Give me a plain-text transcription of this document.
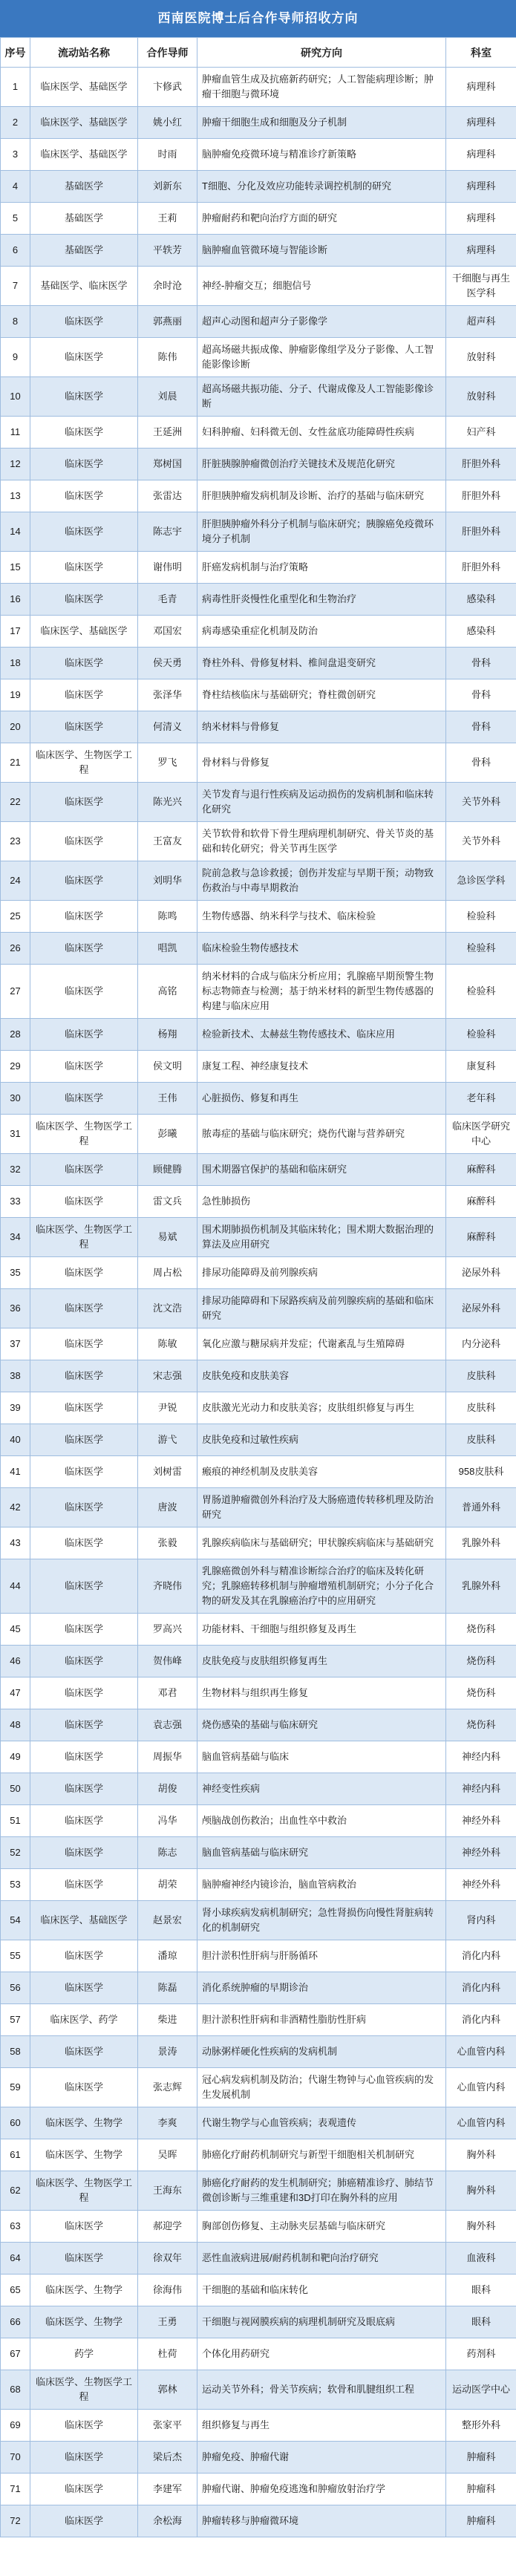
西南医院博士后合作导师招收方向
序号	流动站名称	合作导师	研究方向	科室

1	临床医学、基础医学	卞修武	肿瘤血管生成及抗癌新药研究；人工智能病理诊断；肿瘤干细胞与微环境	病理科

2	临床医学、基础医学	姚小红	肿瘤干细胞生成和细胞及分子机制	病理科

3	临床医学、基础医学	时雨	脑肿瘤免疫微环境与精准诊疗新策略	病理科

4	基础医学	刘新东	T细胞、分化及效应功能转录调控机制的研究	病理科

5	基础医学	王莉	肿瘤耐药和靶向治疗方面的研究	病理科

6	基础医学	平轶芳	脑肿瘤血管微环境与智能诊断	病理科

7	基础医学、临床医学	余时沧	神经-肿瘤交互；细胞信号	干细胞与再生医学科

8	临床医学	郭燕丽	超声心动图和超声分子影像学	超声科

9	临床医学	陈伟	超高场磁共振成像、肿瘤影像组学及分子影像、人工智能影像诊断	放射科

10	临床医学	刘晨	超高场磁共振功能、分子、代谢成像及人工智能影像诊断	放射科

11	临床医学	王延洲	妇科肿瘤、妇科微无创、女性盆底功能障碍性疾病	妇产科

12	临床医学	郑树国	肝脏胰腺肿瘤微创治疗关键技术及规范化研究	肝胆外科

13	临床医学	张雷达	肝胆胰肿瘤发病机制及诊断、治疗的基础与临床研究	肝胆外科

14	临床医学	陈志宇	肝胆胰肿瘤外科分子机制与临床研究；胰腺癌免疫微环境分子机制	肝胆外科

15	临床医学	谢伟明	肝癌发病机制与治疗策略	肝胆外科

16	临床医学	毛青	病毒性肝炎慢性化重型化和生物治疗	感染科

17	临床医学、基础医学	邓国宏	病毒感染重症化机制及防治	感染科

18	临床医学	侯天勇	脊柱外科、骨修复材料、椎间盘退变研究	骨科

19	临床医学	张泽华	脊柱结核临床与基础研究；脊柱微创研究	骨科

20	临床医学	何清义	纳米材料与骨修复	骨科

21	临床医学、生物医学工程	罗飞	骨材料与骨修复	骨科

22	临床医学	陈光兴	关节发育与退行性疾病及运动损伤的发病机制和临床转化研究	关节外科

23	临床医学	王富友	关节软骨和软骨下骨生理病理机制研究、骨关节炎的基础和转化研究；骨关节再生医学	关节外科

24	临床医学	刘明华	院前急救与急诊救援；创伤并发症与早期干预；动物致伤救治与中毒早期救治	急诊医学科

25	临床医学	陈鸣	生物传感器、纳米科学与技术、临床检验	检验科

26	临床医学	唱凯	临床检验生物传感技术	检验科

27	临床医学	高铭	纳米材料的合成与临床分析应用；乳腺癌早期预警生物标志物筛查与检测；基于纳米材料的新型生物传感器的构建与临床应用	检验科

28	临床医学	杨翔	检验新技术、太赫兹生物传感技术、临床应用	检验科

29	临床医学	侯文明	康复工程、神经康复技术	康复科

30	临床医学	王伟	心脏损伤、修复和再生	老年科

31	临床医学、生物医学工程	彭曦	脓毒症的基础与临床研究；烧伤代谢与营养研究	临床医学研究中心

32	临床医学	顾健腾	围术期器官保护的基础和临床研究	麻醉科

33	临床医学	雷文兵	急性肺损伤	麻醉科

34	临床医学、生物医学工程	易斌	围术期肺损伤机制及其临床转化；围术期大数据治理的算法及应用研究	麻醉科

35	临床医学	周占松	排尿功能障碍及前列腺疾病	泌尿外科

36	临床医学	沈文浩	排尿功能障碍和下尿路疾病及前列腺疾病的基础和临床研究	泌尿外科

37	临床医学	陈敏	氧化应激与糖尿病并发症；代谢紊乱与生殖障碍	内分泌科

38	临床医学	宋志强	皮肤免疫和皮肤美容	皮肤科

39	临床医学	尹锐	皮肤激光光动力和皮肤美容；皮肤组织修复与再生	皮肤科

40	临床医学	游弋	皮肤免疫和过敏性疾病	皮肤科

41	临床医学	刘树雷	瘢痕的神经机制及皮肤美容	958皮肤科

42	临床医学	唐波	胃肠道肿瘤微创外科治疗及大肠癌遗传转移机理及防治研究	普通外科

43	临床医学	张毅	乳腺疾病临床与基础研究；甲状腺疾病临床与基础研究	乳腺外科

44	临床医学	齐晓伟	乳腺癌微创外科与精准诊断综合治疗的临床及转化研究；乳腺癌转移机制与肿瘤增殖机制研究；小分子化合物的研发及其在乳腺癌治疗中的应用研究	乳腺外科

45	临床医学	罗高兴	功能材料、干细胞与组织修复及再生	烧伤科

46	临床医学	贺伟峰	皮肤免疫与皮肤组织修复再生	烧伤科

47	临床医学	邓君	生物材料与组织再生修复	烧伤科

48	临床医学	袁志强	烧伤感染的基础与临床研究	烧伤科

49	临床医学	周振华	脑血管病基础与临床	神经内科

50	临床医学	胡俊	神经变性疾病	神经内科

51	临床医学	冯华	颅脑战创伤救治；出血性卒中救治	神经外科

52	临床医学	陈志	脑血管病基础与临床研究	神经外科

53	临床医学	胡荣	脑肿瘤神经内镜诊治，脑血管病救治	神经外科

54	临床医学、基础医学	赵景宏	肾小球疾病发病机制研究；急性肾损伤向慢性肾脏病转化的机制研究	肾内科

55	临床医学	潘琼	胆汁淤积性肝病与肝肠循环	消化内科

56	临床医学	陈磊	消化系统肿瘤的早期诊治	消化内科

57	临床医学、药学	柴进	胆汁淤积性肝病和非酒精性脂肪性肝病	消化内科

58	临床医学	景涛	动脉粥样硬化性疾病的发病机制	心血管内科

59	临床医学	张志辉	冠心病发病机制及防治；代谢生物钟与心血管疾病的发生发展机制	心血管内科

60	临床医学、生物学	李爽	代谢生物学与心血管疾病；表观遗传	心血管内科

61	临床医学、生物学	吴晖	肺癌化疗耐药机制研究与新型干细胞相关机制研究	胸外科

62	临床医学、生物医学工程	王海东	肺癌化疗耐药的发生机制研究；肺癌精准诊疗、肺结节微创诊断与三维重建和3D打印在胸外科的应用	胸外科

63	临床医学	郝迎学	胸部创伤修复、主动脉夹层基础与临床研究	胸外科

64	临床医学	徐双年	恶性血液病进展/耐药机制和靶向治疗研究	血液科

65	临床医学、生物学	徐海伟	干细胞的基础和临床转化	眼科

66	临床医学、生物学	王勇	干细胞与视网膜疾病的病理机制研究及眼底病	眼科

67	药学	杜荷	个体化用药研究	药剂科

68	临床医学、生物医学工程	郭林	运动关节外科；骨关节疾病；软骨和肌腱组织工程	运动医学中心

69	临床医学	张家平	组织修复与再生	整形外科

70	临床医学	梁后杰	肿瘤免疫、肿瘤代谢	肿瘤科

71	临床医学	李建军	肿瘤代谢、肿瘤免疫逃逸和肿瘤放射治疗学	肿瘤科

72	临床医学	余松海	肿瘤转移与肿瘤微环境	肿瘤科
